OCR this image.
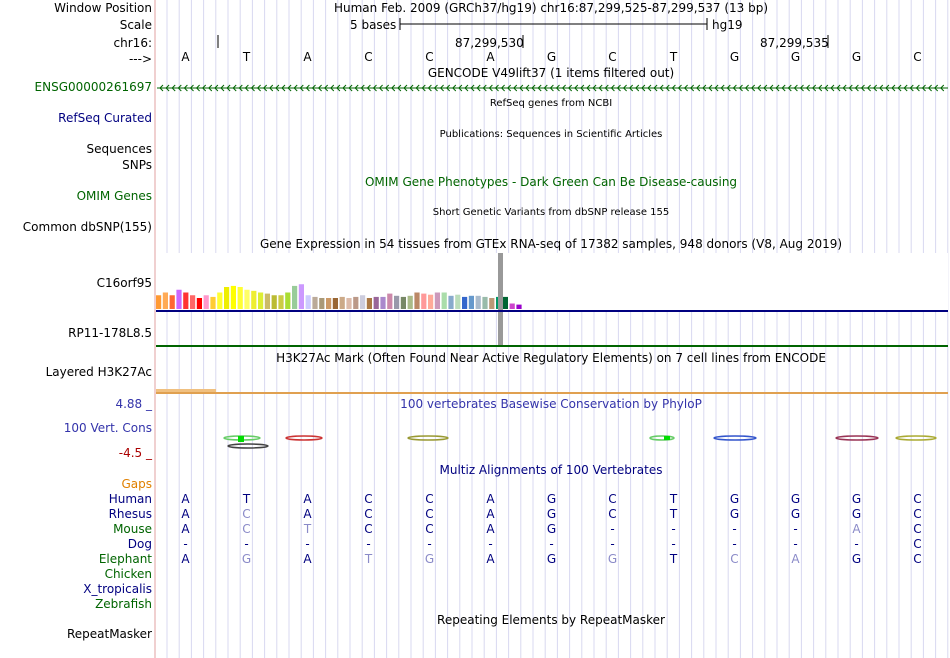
Window Position	Human Feb. 2009 (GRCh37/hg19) chr16:87,299,525-87,299,537 (13 bp)
Scale	5 bases	hg19
chr16:	87,299,530	87,299,535
--->	A	T	A	C	C	A	G	C	T	G	G	G	C
GENCODE V49lift37 (1 items filtered out)
ENSG00000261697
RefSeq genes from NCBI
RefSeq Curated
Publications: Sequences in Scientific Articles
Sequences
SNPs
OMIM Gene Phenotypes - Dark Green Can Be Disease-causing
OMIM Genes
Short Genetic Variants from dbSNP release 155
Common dbSNP(155)
Gene Expression in 54 tissues from GTEx RNA-seq of 17382 samples, 948 donors (V8, Aug 2019)
C16orf95
RP11-178L8.5
H3K27Ac Mark (Often Found Near Active Regulatory Elements) on 7 cell lines from ENCODE
Layered H3K27Ac
4.88 _	100 vertebrates Basewise Conservation by PhyloP
100 Vert. Cons
-4.5 _
Multiz Alignments of 100 Vertebrates
Gaps
Human	A	T	A	C	C	A	G	C	T	G	G	G	C
Rhesus	A	C	A	C	C	A	G	C	T	G	G	G	C
Mouse	A	C	T	C	C	A	G	-	-	-	-	A	C
Dog	-	-	-	-	-	-	-	-	-	-	-	-	C
Elephant	A	G	A	T	G	A	G	G	T	C	A	G	C
Chicken
X_tropicalis
Zebrafish
Repeating Elements by RepeatMasker
RepeatMasker
